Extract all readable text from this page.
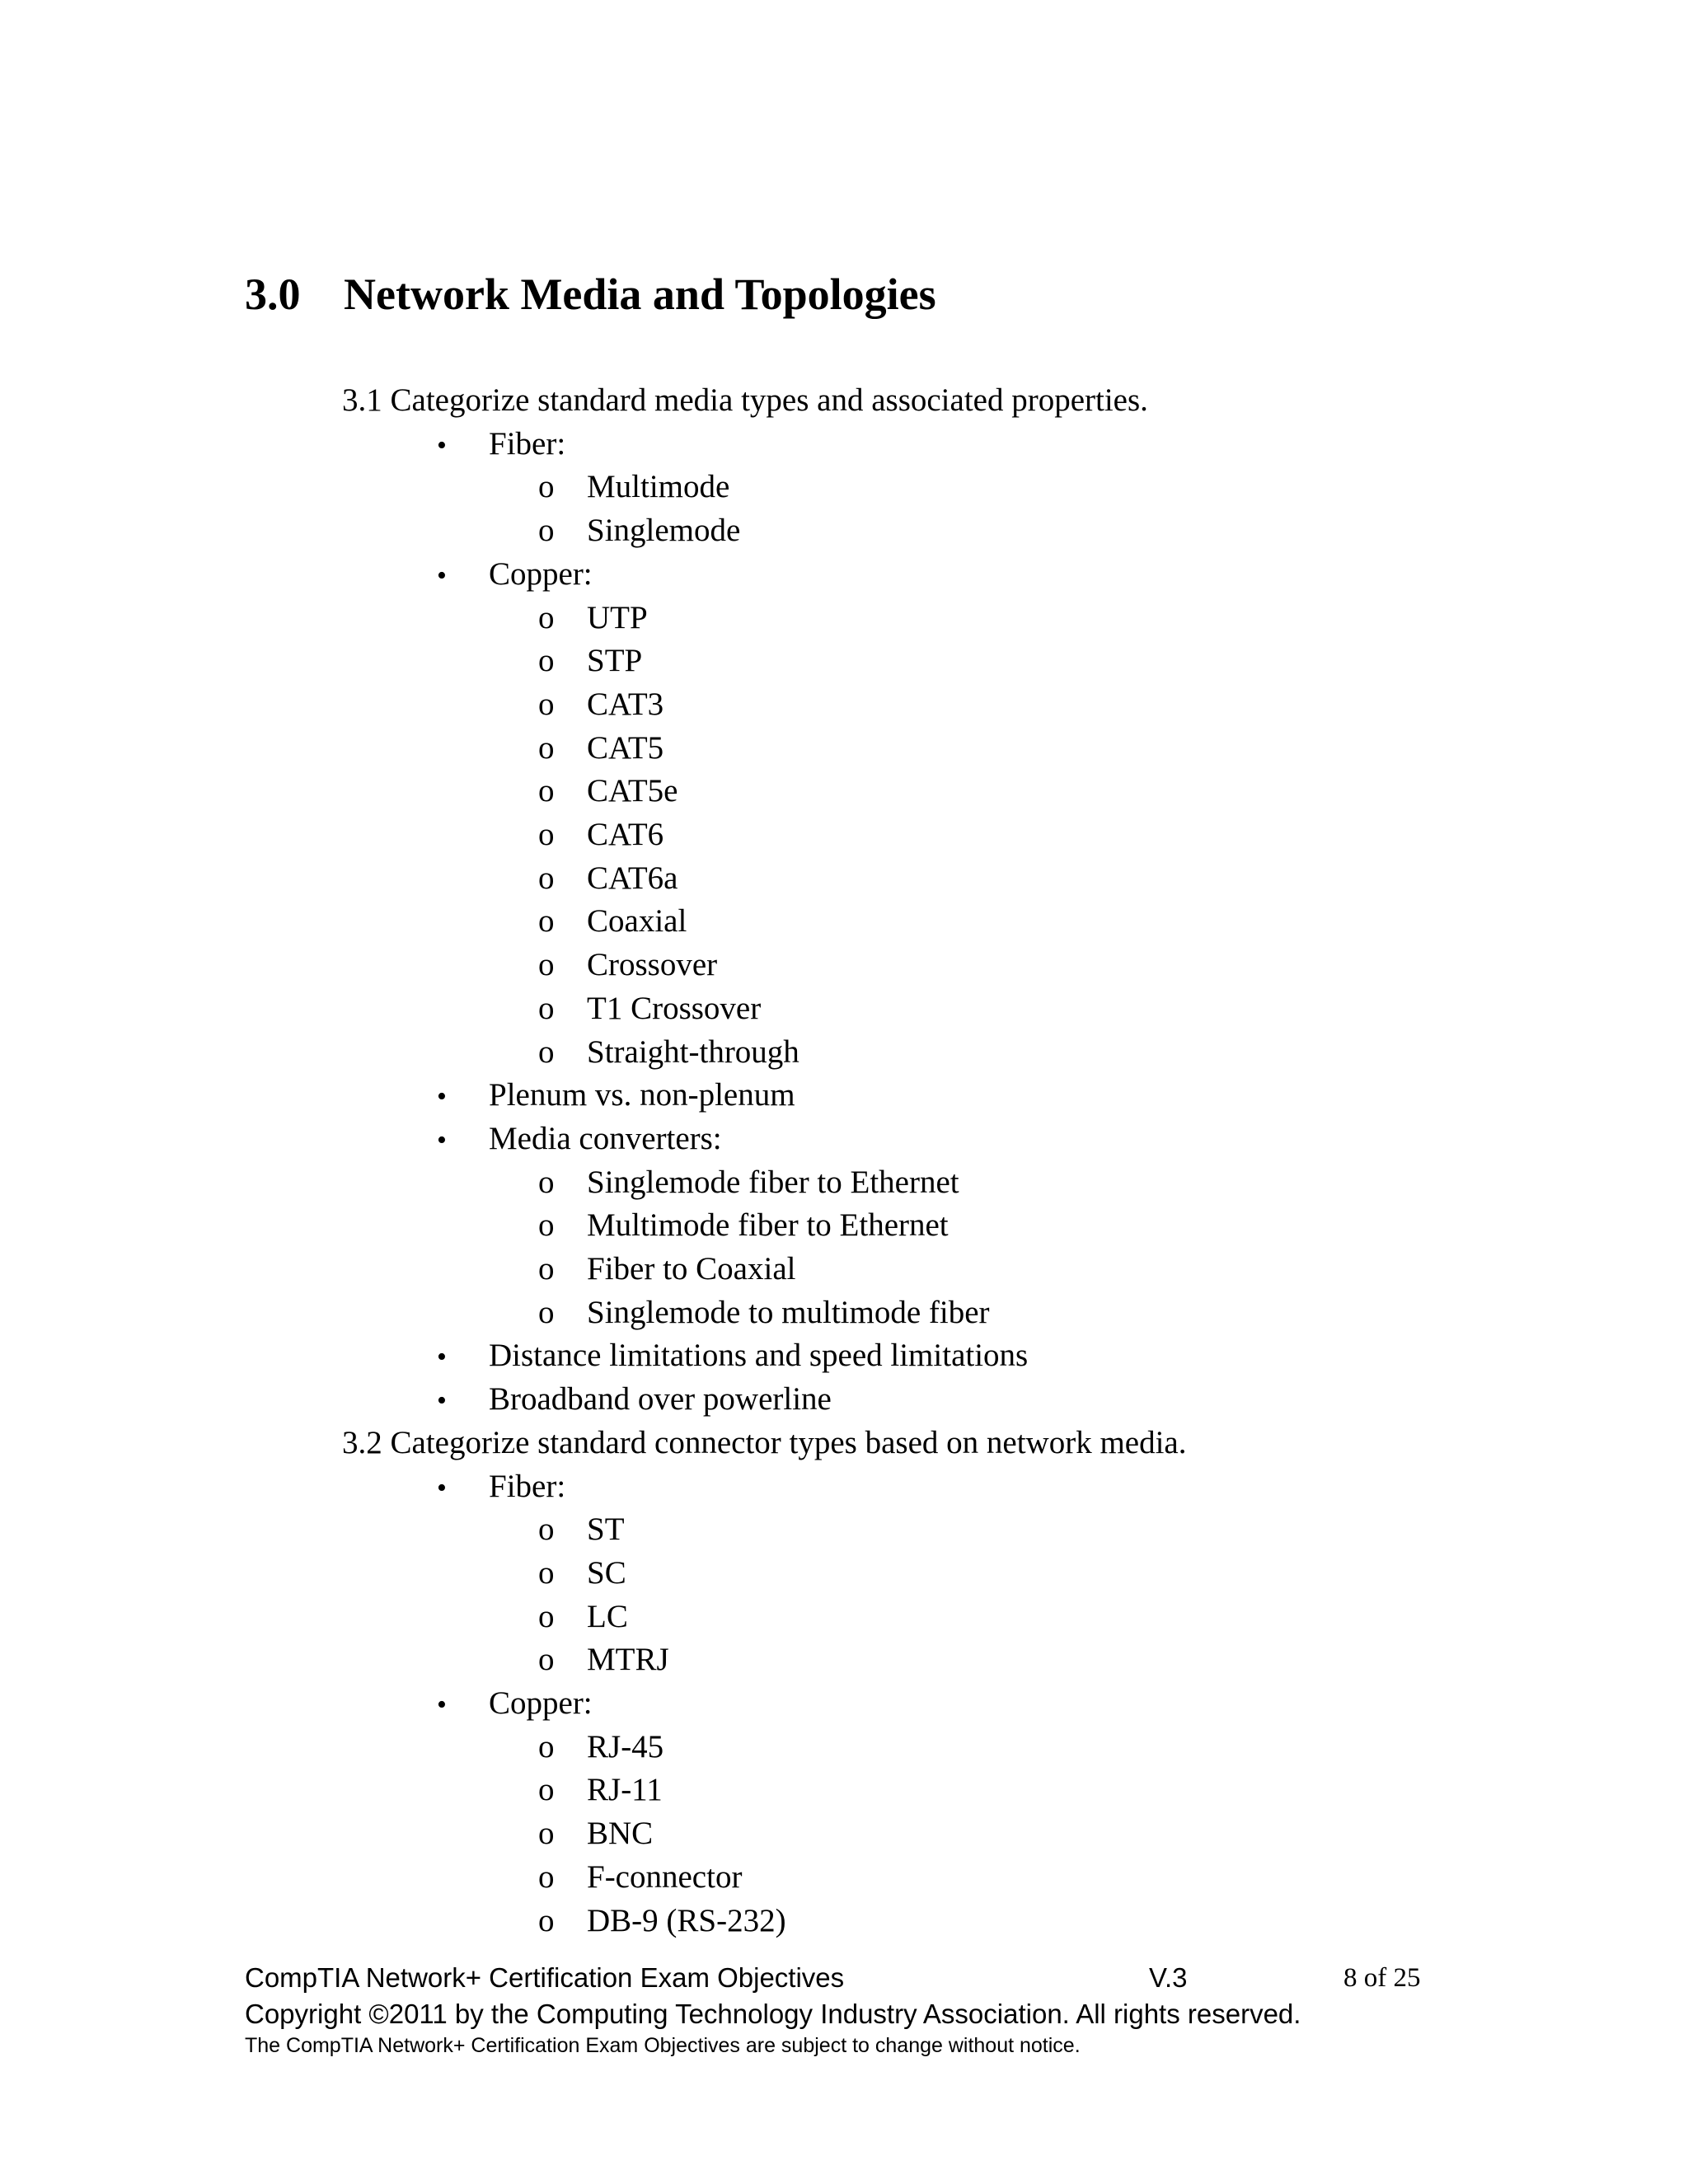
3.0 Network Media and Topologies
3.1 Categorize standard media types and associated properties.
• Fiber:
o Multimode
o Singlemode
• Copper:
o UTP
o STP
o CAT3
o CAT5
o CAT5e
o CAT6
o CAT6a
o Coaxial
o Crossover
o T1 Crossover
o Straight-through
• Plenum vs. non-plenum
• Media converters:
o Singlemode fiber to Ethernet
o Multimode fiber to Ethernet
o Fiber to Coaxial
o Singlemode to multimode fiber
• Distance limitations and speed limitations
• Broadband over powerline
3.2 Categorize standard connector types based on network media.
• Fiber:
o ST
o SC
o LC
o MTRJ
• Copper:
o RJ-45
o RJ-11
o BNC
o F-connector
o DB-9 (RS-232)
CompTIA Network+ Certification Exam Objectives	V.3	8 of 25
Copyright ©2011 by the Computing Technology Industry Association. All rights reserved.
The CompTIA Network+ Certification Exam Objectives are subject to change without notice.
